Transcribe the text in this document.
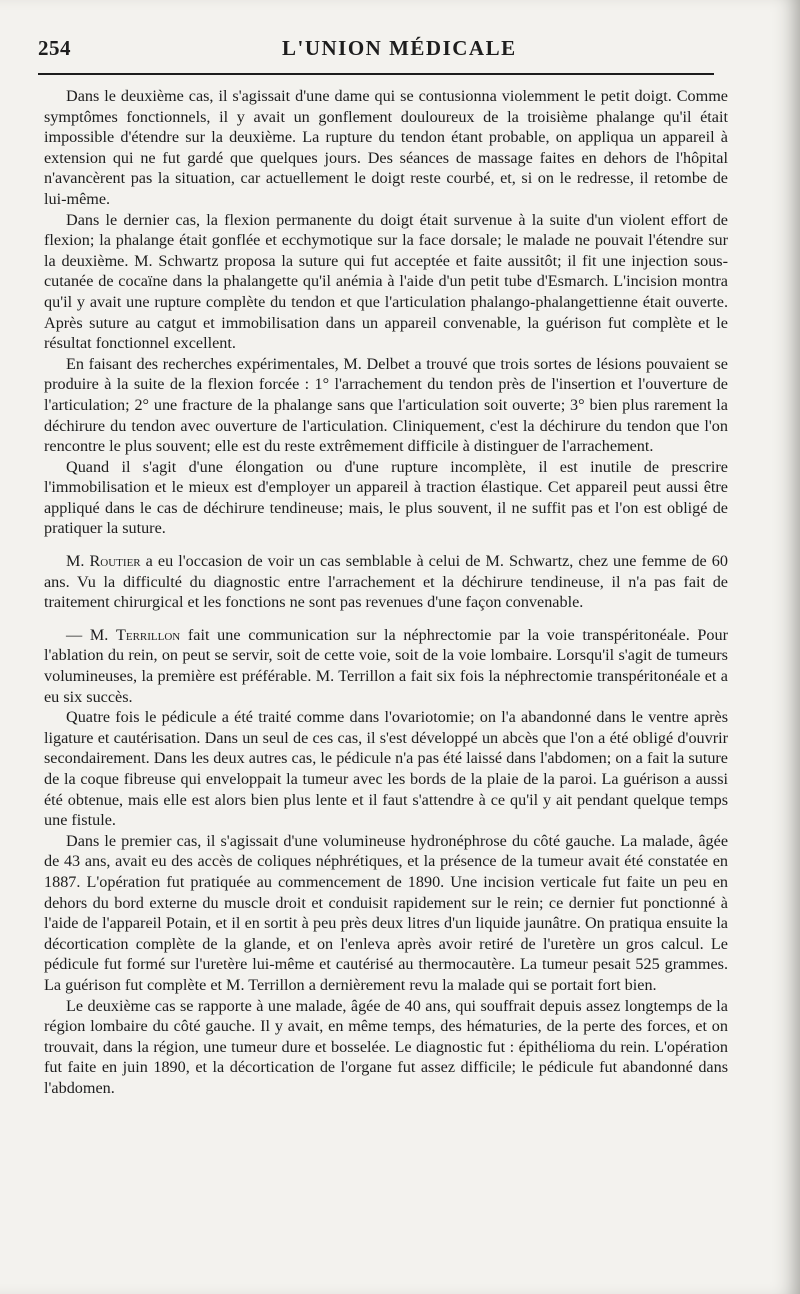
254	L'UNION MÉDICALE

Dans le deuxième cas, il s'agissait d'une dame qui se contusionna violemment le petit doigt. Comme symptômes fonctionnels, il y avait un gonflement douloureux de la troisième phalange qu'il était impossible d'étendre sur la deuxième. La rupture du tendon étant probable, on appliqua un appareil à extension qui ne fut gardé que quelques jours. Des séances de massage faites en dehors de l'hôpital n'avancèrent pas la situation, car actuellement le doigt reste courbé, et, si on le redresse, il retombe de lui-même.

Dans le dernier cas, la flexion permanente du doigt était survenue à la suite d'un violent effort de flexion; la phalange était gonflée et ecchymotique sur la face dorsale; le malade ne pouvait l'étendre sur la deuxième. M. Schwartz proposa la suture qui fut acceptée et faite aussitôt; il fit une injection sous-cutanée de cocaïne dans la phalangette qu'il anémia à l'aide d'un petit tube d'Esmarch. L'incision montra qu'il y avait une rupture complète du tendon et que l'articulation phalango-phalangettienne était ouverte. Après suture au catgut et immobilisation dans un appareil convenable, la guérison fut complète et le résultat fonctionnel excellent.

En faisant des recherches expérimentales, M. Delbet a trouvé que trois sortes de lésions pouvaient se produire à la suite de la flexion forcée : 1° l'arrachement du tendon près de l'insertion et l'ouverture de l'articulation; 2° une fracture de la phalange sans que l'articulation soit ouverte; 3° bien plus rarement la déchirure du tendon avec ouverture de l'articulation. Cliniquement, c'est la déchirure du tendon que l'on rencontre le plus souvent; elle est du reste extrêmement difficile à distinguer de l'arrachement.

Quand il s'agit d'une élongation ou d'une rupture incomplète, il est inutile de prescrire l'immobilisation et le mieux est d'employer un appareil à traction élastique. Cet appareil peut aussi être appliqué dans le cas de déchirure tendineuse; mais, le plus souvent, il ne suffit pas et l'on est obligé de pratiquer la suture.

M. Routier a eu l'occasion de voir un cas semblable à celui de M. Schwartz, chez une femme de 60 ans. Vu la difficulté du diagnostic entre l'arrachement et la déchirure tendineuse, il n'a pas fait de traitement chirurgical et les fonctions ne sont pas revenues d'une façon convenable.

— M. Terrillon fait une communication sur la néphrectomie par la voie transpéritonéale. Pour l'ablation du rein, on peut se servir, soit de cette voie, soit de la voie lombaire. Lorsqu'il s'agit de tumeurs volumineuses, la première est préférable. M. Terrillon a fait six fois la néphrectomie transpéritonéale et a eu six succès.

Quatre fois le pédicule a été traité comme dans l'ovariotomie; on l'a abandonné dans le ventre après ligature et cautérisation. Dans un seul de ces cas, il s'est développé un abcès que l'on a été obligé d'ouvrir secondairement. Dans les deux autres cas, le pédicule n'a pas été laissé dans l'abdomen; on a fait la suture de la coque fibreuse qui enveloppait la tumeur avec les bords de la plaie de la paroi. La guérison a aussi été obtenue, mais elle est alors bien plus lente et il faut s'attendre à ce qu'il y ait pendant quelque temps une fistule.

Dans le premier cas, il s'agissait d'une volumineuse hydronéphrose du côté gauche. La malade, âgée de 43 ans, avait eu des accès de coliques néphrétiques, et la présence de la tumeur avait été constatée en 1887. L'opération fut pratiquée au commencement de 1890. Une incision verticale fut faite un peu en dehors du bord externe du muscle droit et conduisit rapidement sur le rein; ce dernier fut ponctionné à l'aide de l'appareil Potain, et il en sortit à peu près deux litres d'un liquide jaunâtre. On pratiqua ensuite la décortication complète de la glande, et on l'enleva après avoir retiré de l'uretère un gros calcul. Le pédicule fut formé sur l'uretère lui-même et cautérisé au thermocautère. La tumeur pesait 525 grammes. La guérison fut complète et M. Terrillon a dernièrement revu la malade qui se portait fort bien.

Le deuxième cas se rapporte à une malade, âgée de 40 ans, qui souffrait depuis assez longtemps de la région lombaire du côté gauche. Il y avait, en même temps, des hématuries, de la perte des forces, et on trouvait, dans la région, une tumeur dure et bosselée. Le diagnostic fut : épithélioma du rein. L'opération fut faite en juin 1890, et la décortication de l'organe fut assez difficile; le pédicule fut abandonné dans l'abdomen.
